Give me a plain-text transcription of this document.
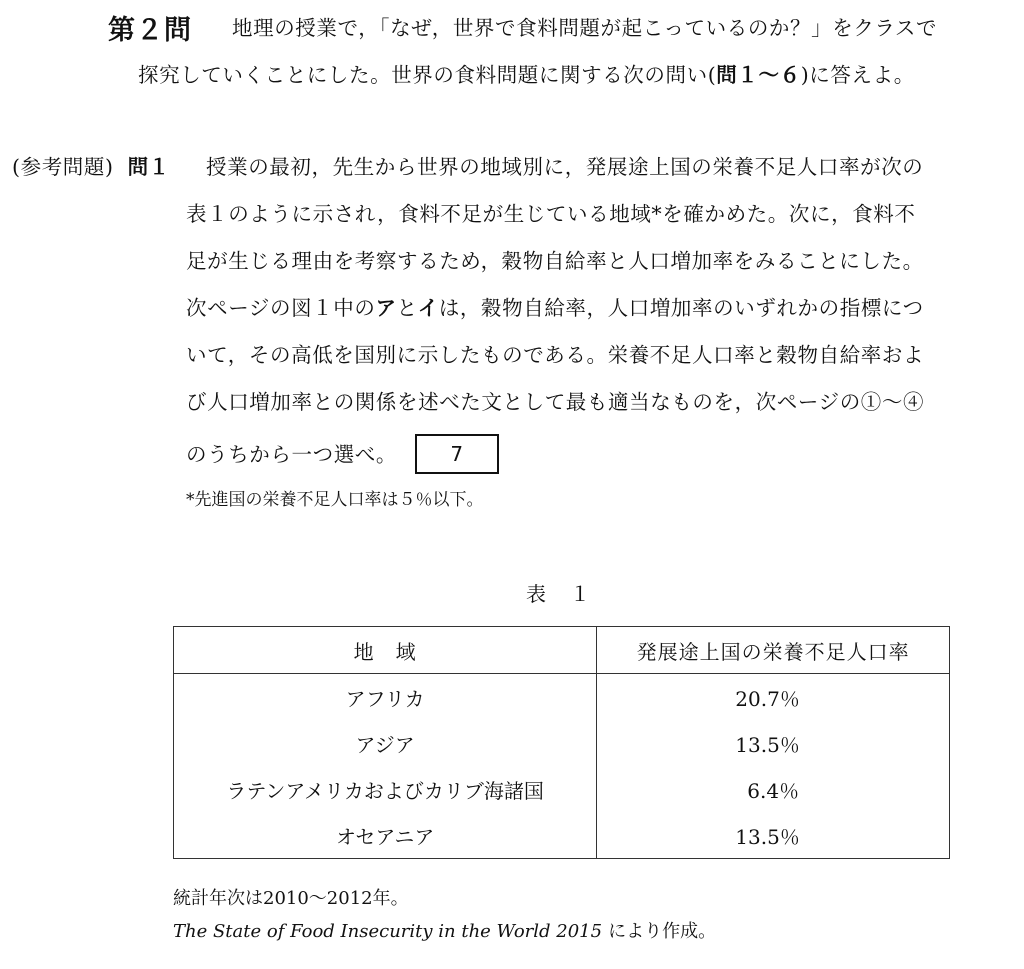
第２問 地理の授業で，「なぜ，世界で食料問題が起こっているのか？」をクラスで
探究していくことにした。世界の食料問題に関する次の問い(問１～６)に答えよ。
(参考問題) 問１ 授業の最初，先生から世界の地域別に，発展途上国の栄養不足人口率が次の
表１のように示され，食料不足が生じている地域*を確かめた。次に，食料不
足が生じる理由を考察するため，穀物自給率と人口増加率をみることにした。
次ページの図１中のアとイは，穀物自給率，人口増加率のいずれかの指標につ
いて，その高低を国別に示したものである。栄養不足人口率と穀物自給率およ
び人口増加率との関係を述べた文として最も適当なものを，次ページの①～④
のうちから一つ選べ。	7
*先進国の栄養不足人口率は５％以下。
表　１
地　域	発展途上国の栄養不足人口率
アフリカ	20.7％
アジア	13.5％
ラテンアメリカおよびカリブ海諸国	6.4％
オセアニア	13.5％
統計年次は2010～2012年。
The State of Food Insecurity in the World 2015 により作成。
